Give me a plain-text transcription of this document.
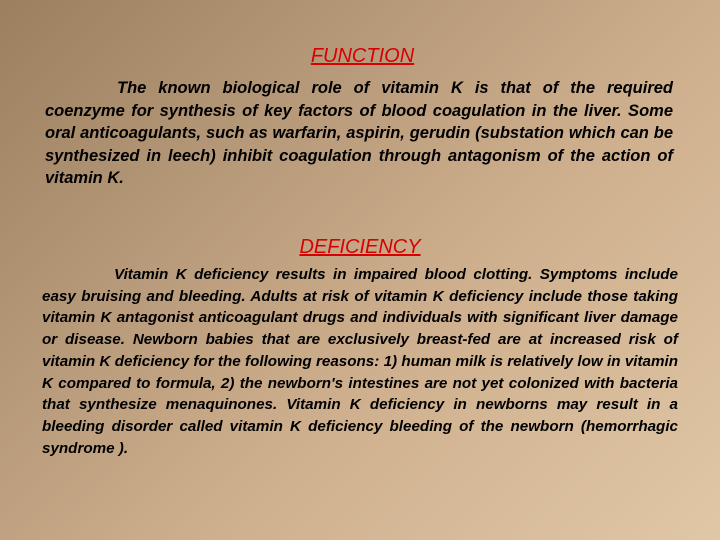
FUNCTION

The known biological role of vitamin K is that of the required coenzyme for synthesis of key factors of blood coagulation in the liver. Some oral anticoagulants, such as warfarin, aspirin, gerudin (substation which can be synthesized in leech) inhibit coagulation through antagonism of the action of vitamin K.

DEFICIENCY

Vitamin K deficiency results in impaired blood clotting. Symptoms include easy bruising and bleeding. Adults at risk of vitamin K deficiency include those taking vitamin K antagonist anticoagulant drugs and individuals with significant liver damage or disease. Newborn babies that are exclusively breast-fed are at increased risk of vitamin K deficiency for the following reasons: 1) human milk is relatively low in vitamin K compared to formula, 2) the newborn's intestines are not yet colonized with bacteria that synthesize menaquinones. Vitamin K deficiency in newborns may result in a bleeding disorder called vitamin K deficiency bleeding of the newborn (hemorrhagic syndrome ).
